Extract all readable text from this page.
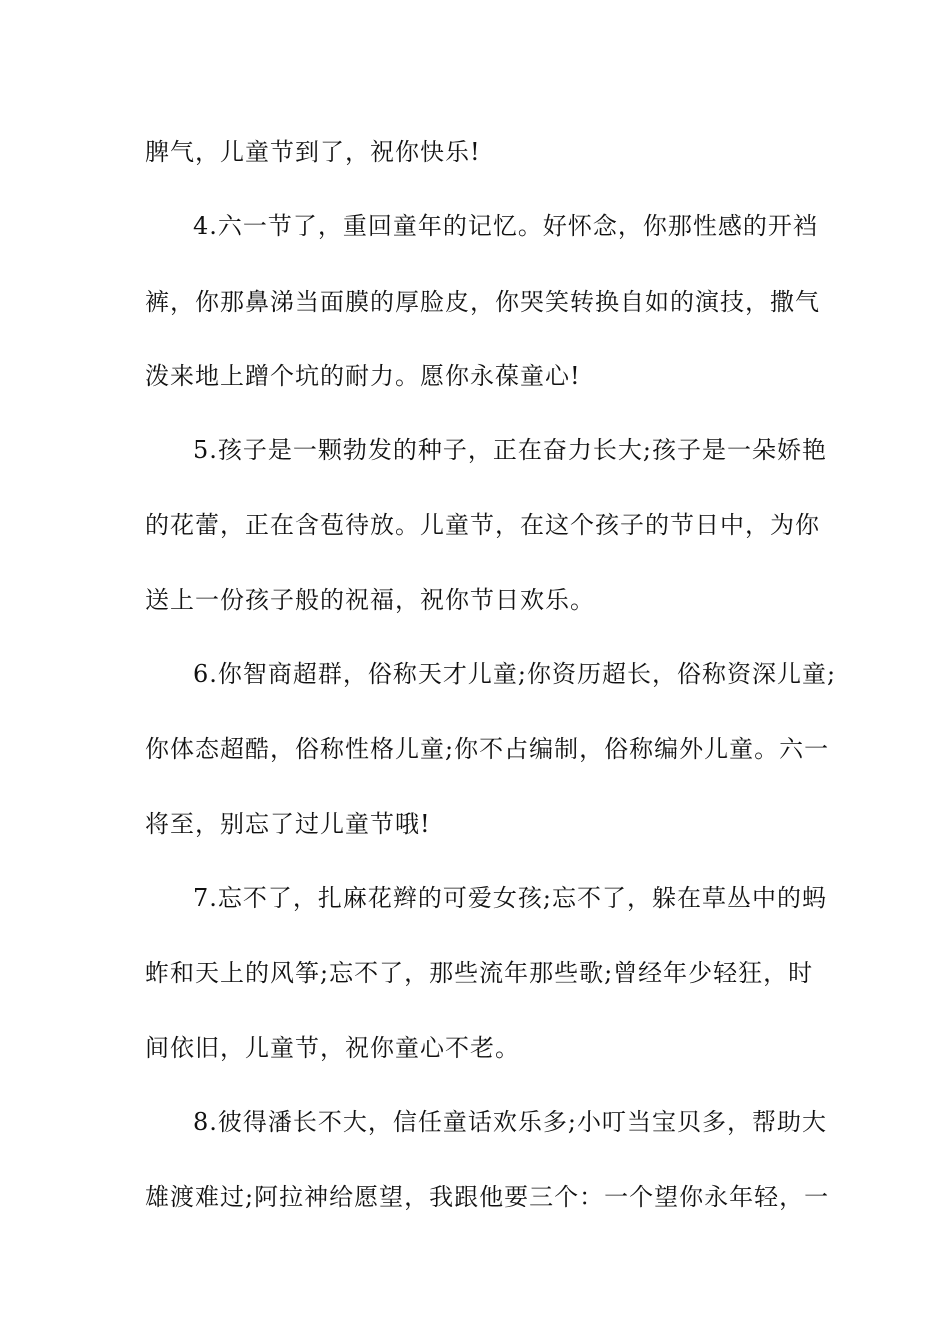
脾气，儿童节到了，祝你快乐!
4.六一节了，重回童年的记忆。好怀念，你那性感的开裆
裤，你那鼻涕当面膜的厚脸皮，你哭笑转换自如的演技，撒气
泼来地上蹭个坑的耐力。愿你永葆童心!
5.孩子是一颗勃发的种子，正在奋力长大;孩子是一朵娇艳
的花蕾，正在含苞待放。儿童节，在这个孩子的节日中，为你
送上一份孩子般的祝福，祝你节日欢乐。
6.你智商超群，俗称天才儿童;你资历超长，俗称资深儿童;
你体态超酷，俗称性格儿童;你不占编制，俗称编外儿童。六一
将至，别忘了过儿童节哦!
7.忘不了，扎麻花辫的可爱女孩;忘不了，躲在草丛中的蚂
蚱和天上的风筝;忘不了，那些流年那些歌;曾经年少轻狂，时
间依旧，儿童节，祝你童心不老。
8.彼得潘长不大，信任童话欢乐多;小叮当宝贝多，帮助大
雄渡难过;阿拉神给愿望，我跟他要三个：一个望你永年轻，一
